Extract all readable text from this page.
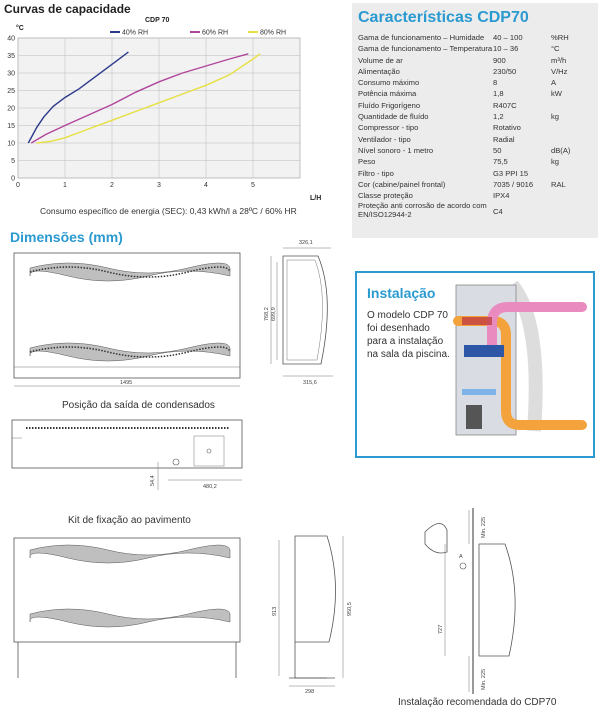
Curvas de capacidade
0
5
10
15
20
25
30
35
40
0	1	2	3	4	5
40% RH	60% RH	80% RH
CDP 70
°C
L/H
Consumo específico de energia (SEC): 0,43 kWh/l a 28ºC / 60% HR
Características CDP70
Gama de funcionamento – Humidade	40 – 100	%RH
Gama de funcionamento – Temperatura	10 – 36	°C
Volume de ar	900	m³/h
Alimentação	230/50	V/Hz
Consumo máximo	8	A
Potência máxima	1,8	kW
Fluído Frigorígeno	R407C	
Quantidade de fluído	1,2	kg
Compressor - tipo	Rotativo	
Ventilador - tipo	Radial	
Nível sonoro - 1 metro	50	dB(A)
Peso	75,5	kg
Filtro - tipo	G3 PPI 15	
Cor (cabine/painel frontal)	7035 / 9016	RAL
Classe proteção	IPX4	
Proteção anti corrosão de acordo com EN/ISO12944-2	C4	
Dimensões (mm)
1495
326,1
768,2 699,9
315,6
Posição da saída de condensados
480,2
54,4
Instalação
O modelo CDP 70 foi desenhado para a instalação na sala da piscina.
Kit de fixação ao pavimento
913	950,5
298
Min. 225
727
Min. 225
A
Instalação recomendada do CDP70
